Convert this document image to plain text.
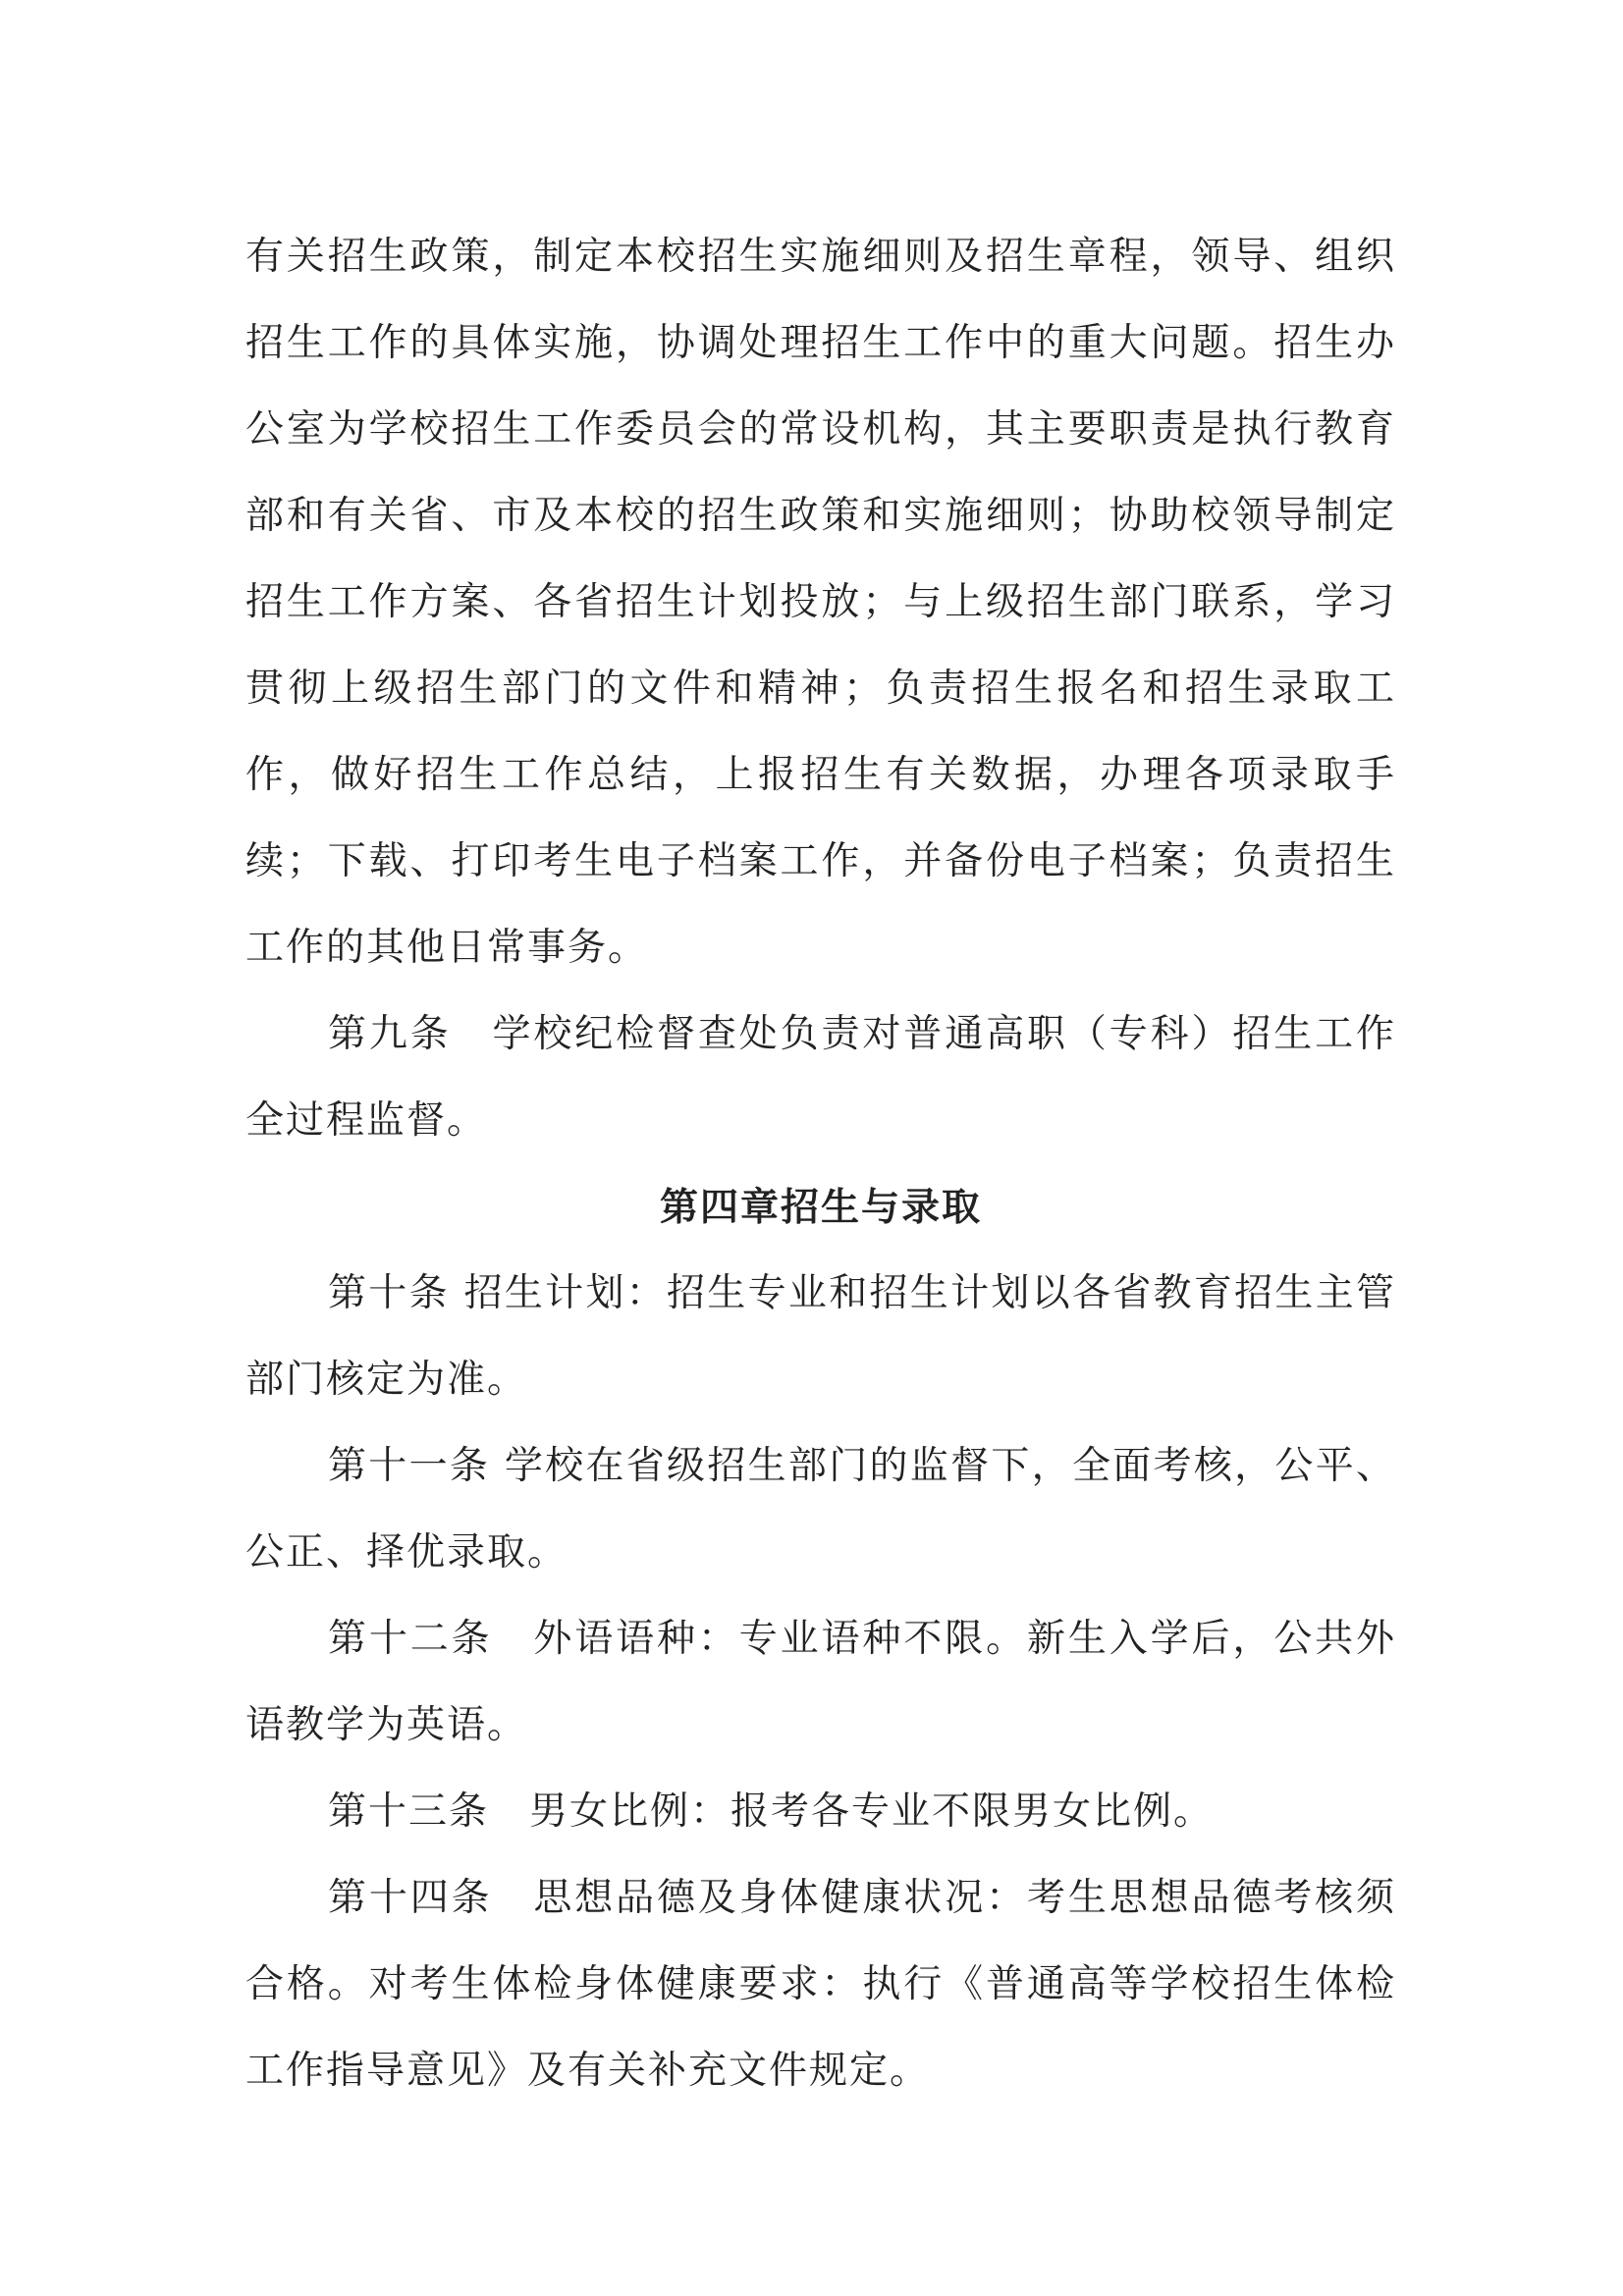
有关招生政策，制定本校招生实施细则及招生章程，领导、组织招生工作的具体实施，协调处理招生工作中的重大问题。招生办公室为学校招生工作委员会的常设机构，其主要职责是执行教育部和有关省、市及本校的招生政策和实施细则；协助校领导制定招生工作方案、各省招生计划投放；与上级招生部门联系，学习贯彻上级招生部门的文件和精神；负责招生报名和招生录取工作，做好招生工作总结，上报招生有关数据，办理各项录取手续；下载、打印考生电子档案工作，并备份电子档案；负责招生工作的其他日常事务。

第九条　学校纪检督查处负责对普通高职（专科）招生工作全过程监督。

第四章招生与录取

第十条 招生计划：招生专业和招生计划以各省教育招生主管部门核定为准。

第十一条 学校在省级招生部门的监督下，全面考核，公平、公正、择优录取。

第十二条　外语语种：专业语种不限。新生入学后，公共外语教学为英语。

第十三条　男女比例：报考各专业不限男女比例。

第十四条　思想品德及身体健康状况：考生思想品德考核须合格。对考生体检身体健康要求：执行《普通高等学校招生体检工作指导意见》及有关补充文件规定。
